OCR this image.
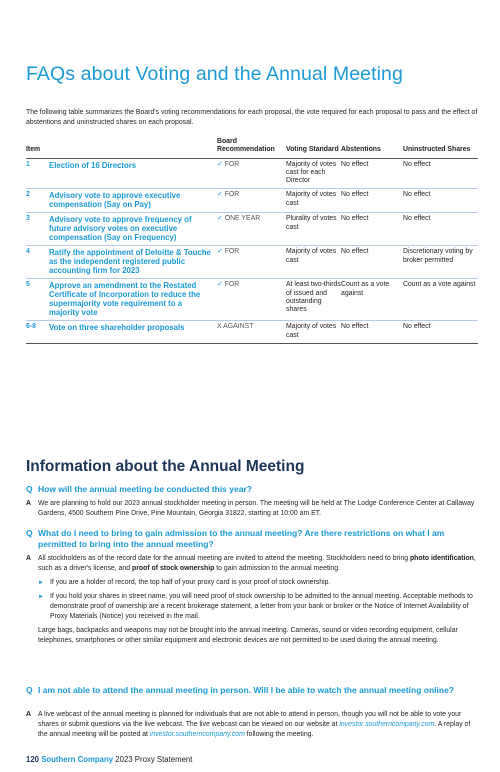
FAQs about Voting and the Annual Meeting

The following table summarizes the Board's voting recommendations for each proposal, the vote required for each proposal to pass and the effect of abstentions and uninstructed shares on each proposal.

Item		Board Recommendation	Voting Standard	Abstentions	Uninstructed Shares
1	Election of 16 Directors	✓ FOR	Majority of votes cast for each Director	No effect	No effect
2	Advisory vote to approve executive compensation (Say on Pay)	✓ FOR	Majority of votes cast	No effect	No effect
3	Advisory vote to approve frequency of future advisory votes on executive compensation (Say on Frequency)	✓ ONE YEAR	Plurality of votes cast	No effect	No effect
4	Ratify the appointment of Deloitte & Touche as the independent registered public accounting firm for 2023	✓ FOR	Majority of votes cast	No effect	Discretionary voting by broker permitted
5	Approve an amendment to the Restated Certificate of Incorporation to reduce the supermajority vote requirement to a majority vote	✓ FOR	At least two-thirds of issued and outstanding shares	Count as a vote against	Count as a vote against
6-8	Vote on three shareholder proposals	X AGAINST	Majority of votes cast	No effect	No effect
Information about the Annual Meeting
Q How will the annual meeting be conducted this year?
A We are planning to hold our 2023 annual stockholder meeting in person. The meeting will be held at The Lodge Conference Center at Callaway Gardens, 4500 Southern Pine Drive, Pine Mountain, Georgia 31822, starting at 10:00 am ET.
Q What do I need to bring to gain admission to the annual meeting? Are there restrictions on what I am permitted to bring into the annual meeting?
A All stockholders as of the record date for the annual meeting are invited to attend the meeting. Stockholders need to bring photo identification, such as a driver's license, and proof of stock ownership to gain admission to the annual meeting.

► If you are a holder of record, the top half of your proxy card is your proof of stock ownership.
► If you hold your shares in street name, you will need proof of stock ownership to be admitted to the annual meeting. Acceptable methods to demonstrate proof of ownership are a recent brokerage statement, a letter from your bank or broker or the Notice of Internet Availability of Proxy Materials (Notice) you received in the mail.

Large bags, backpacks and weapons may not be brought into the annual meeting. Cameras, sound or video recording equipment, cellular telephones, smartphones or other similar equipment and electronic devices are not permitted to be used during the annual meeting.

Q I am not able to attend the annual meeting in person. Will I be able to watch the annual meeting online?
A A live webcast of the annual meeting is planned for individuals that are not able to attend in person, though you will not be able to vote your shares or submit questions via the live webcast. The live webcast can be viewed on our website at investor.southerncompany.com. A replay of the annual meeting will be posted at investor.southerncompany.com following the meeting.
120 Southern Company 2023 Proxy Statement
